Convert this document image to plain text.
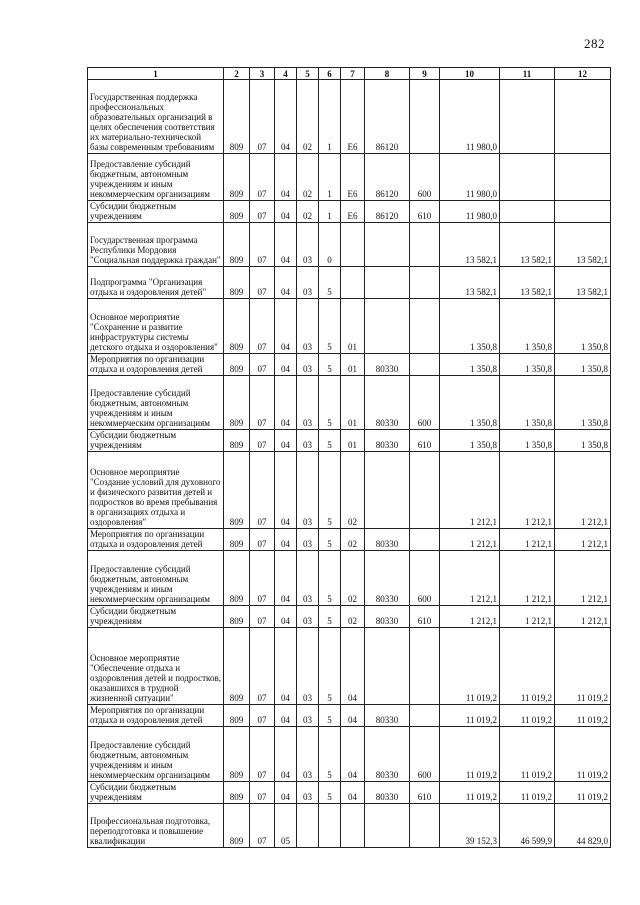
282
1	2	3	4	5	6	7	8	9	10	11	12
Государственная поддержка профессиональных образовательных организаций в целях обеспечения соответствия их материально-технической базы современным требованиям	809	07	04	02	1	Е6	86120		11 980,0		
Предоставление субсидий бюджетным, автономным учреждениям и иным некоммерческим организациям	809	07	04	02	1	Е6	86120	600	11 980,0		
Субсидии бюджетным учреждениям	809	07	04	02	1	Е6	86120	610	11 980,0		
Государственная программа Республики Мордовия "Социальная поддержка граждан"	809	07	04	03	0				13 582,1	13 582,1	13 582,1
Подпрограмма "Организация отдыха и оздоровления детей"	809	07	04	03	5				13 582,1	13 582,1	13 582,1
Основное мероприятие "Сохранение и развитие инфраструктуры системы детского отдыха и оздоровления"	809	07	04	03	5	01			1 350,8	1 350,8	1 350,8
Мероприятия по организации отдыха и оздоровления детей	809	07	04	03	5	01	80330		1 350,8	1 350,8	1 350,8
Предоставление субсидий бюджетным, автономным учреждениям и иным некоммерческим организациям	809	07	04	03	5	01	80330	600	1 350,8	1 350,8	1 350,8
Субсидии бюджетным учреждениям	809	07	04	03	5	01	80330	610	1 350,8	1 350,8	1 350,8
Основное мероприятие "Создание условий для духовного и физического развития детей и подростков во время пребывания в организациях отдыха и оздоровления"	809	07	04	03	5	02			1 212,1	1 212,1	1 212,1
Мероприятия по организации отдыха и оздоровления детей	809	07	04	03	5	02	80330		1 212,1	1 212,1	1 212,1
Предоставление субсидий бюджетным, автономным учреждениям и иным некоммерческим организациям	809	07	04	03	5	02	80330	600	1 212,1	1 212,1	1 212,1
Субсидии бюджетным учреждениям	809	07	04	03	5	02	80330	610	1 212,1	1 212,1	1 212,1
Основное мероприятие "Обеспечение отдыха и оздоровления детей и подростков, оказавшихся в трудной жизненной ситуации"	809	07	04	03	5	04			11 019,2	11 019,2	11 019,2
Мероприятия по организации отдыха и оздоровления детей	809	07	04	03	5	04	80330		11 019,2	11 019,2	11 019,2
Предоставление субсидий бюджетным, автономным учреждениям и иным некоммерческим организациям	809	07	04	03	5	04	80330	600	11 019,2	11 019,2	11 019,2
Субсидии бюджетным учреждениям	809	07	04	03	5	04	80330	610	11 019,2	11 019,2	11 019,2
Профессиональная подготовка, переподготовка и повышение квалификации	809	07	05						39 152,3	46 599,9	44 829,0
